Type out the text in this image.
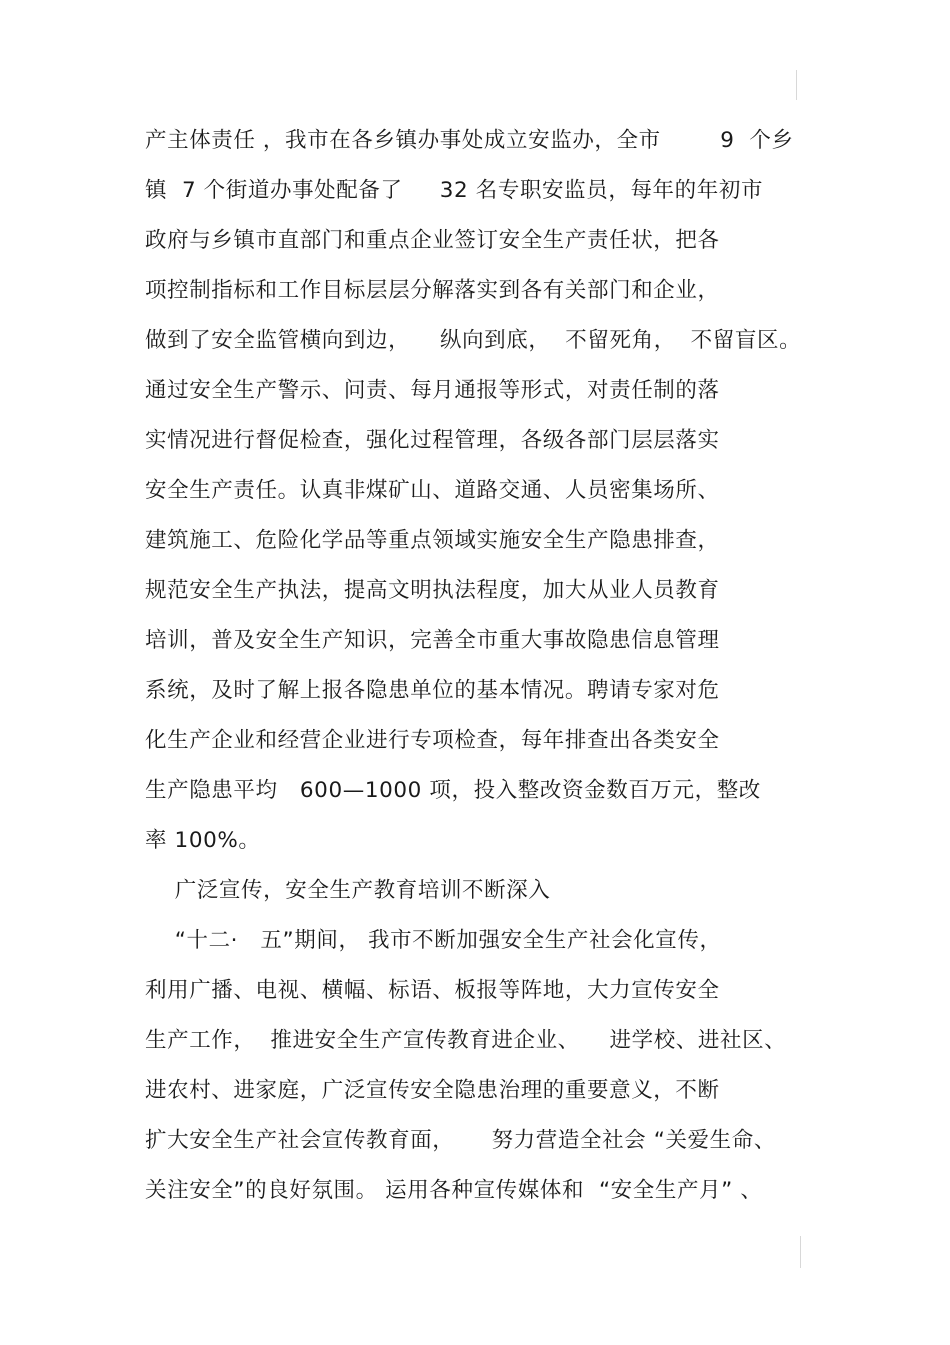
产主体责任 ，我市在各乡镇办事处成立安监办，全市        9  个乡
镇  7 个街道办事处配备了     32 名专职安监员，每年的年初市
政府与乡镇市直部门和重点企业签订安全生产责任状，把各
项控制指标和工作目标层层分解落实到各有关部门和企业，
做到了安全监管横向到边，    纵向到底，  不留死角，  不留盲区。
通过安全生产警示、问责、每月通报等形式，对责任制的落
实情况进行督促检查，强化过程管理，各级各部门层层落实
安全生产责任。认真非煤矿山、道路交通、人员密集场所、
建筑施工、危险化学品等重点领域实施安全生产隐患排查，
规范安全生产执法，提高文明执法程度，加大从业人员教育
培训，普及安全生产知识，完善全市重大事故隐患信息管理
系统，及时了解上报各隐患单位的基本情况。聘请专家对危
化生产企业和经营企业进行专项检查，每年排查出各类安全
生产隐患平均   600—1000 项，投入整改资金数百万元，整改
率 100%。
广泛宣传，安全生产教育培训不断深入
“十二·   五”期间， 我市不断加强安全生产社会化宣传，
利用广播、电视、横幅、标语、板报等阵地，大力宣传安全
生产工作，  推进安全生产宣传教育进企业、    进学校、进社区、
进农村、进家庭，广泛宣传安全隐患治理的重要意义，不断
扩大安全生产社会宣传教育面，     努力营造全社会 “关爱生命、
关注安全”的良好氛围。 运用各种宣传媒体和  “安全生产月” 、
